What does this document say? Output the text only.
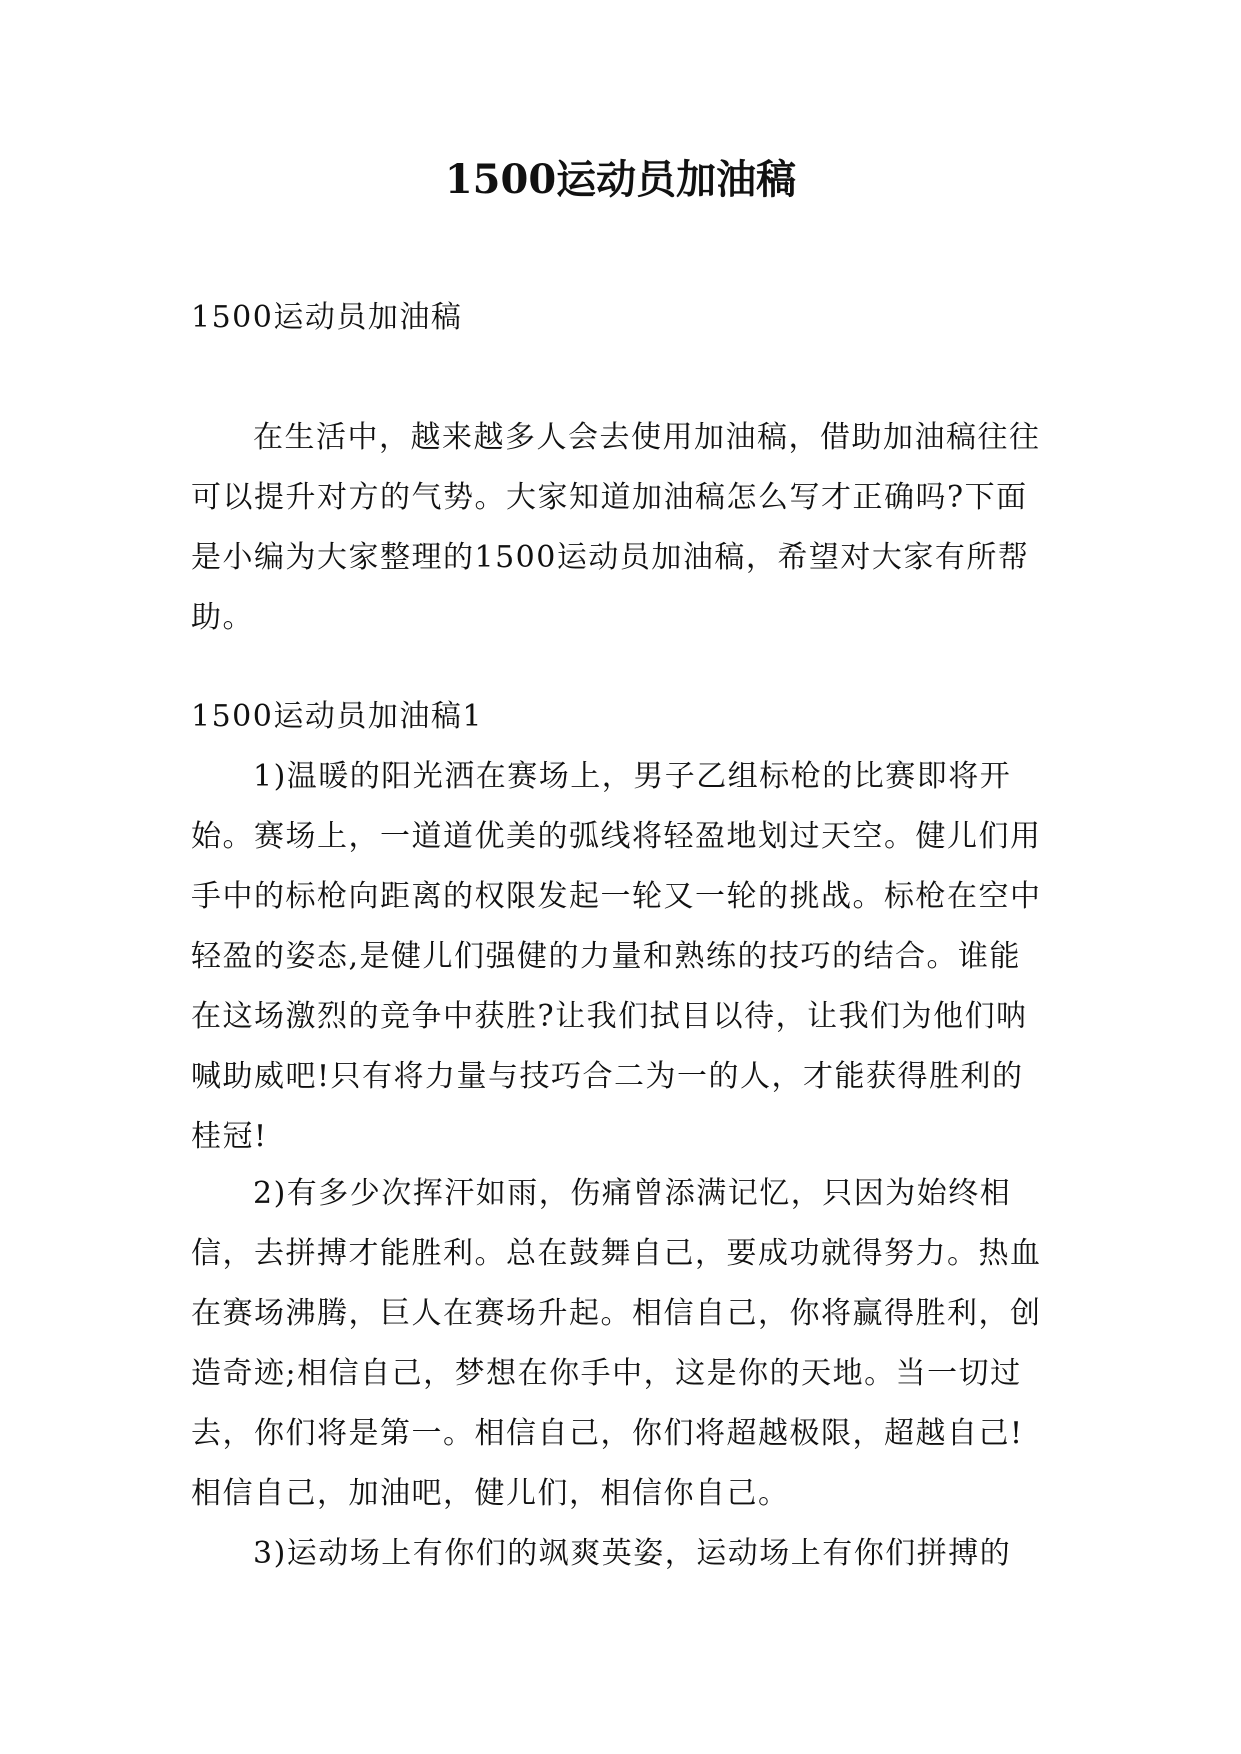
1500运动员加油稿

1500运动员加油稿

在生活中，越来越多人会去使用加油稿，借助加油稿往往可以提升对方的气势。大家知道加油稿怎么写才正确吗?下面是小编为大家整理的1500运动员加油稿，希望对大家有所帮助。

1500运动员加油稿1

1)温暖的阳光洒在赛场上，男子乙组标枪的比赛即将开始。赛场上，一道道优美的弧线将轻盈地划过天空。健儿们用手中的标枪向距离的权限发起一轮又一轮的挑战。标枪在空中轻盈的姿态,是健儿们强健的力量和熟练的技巧的结合。谁能在这场激烈的竞争中获胜?让我们拭目以待，让我们为他们呐喊助威吧!只有将力量与技巧合二为一的人，才能获得胜利的桂冠!

2)有多少次挥汗如雨，伤痛曾添满记忆，只因为始终相信，去拼搏才能胜利。总在鼓舞自己，要成功就得努力。热血在赛场沸腾，巨人在赛场升起。相信自己，你将赢得胜利，创造奇迹;相信自己，梦想在你手中，这是你的天地。当一切过去，你们将是第一。相信自己，你们将超越极限，超越自己!相信自己，加油吧，健儿们，相信你自己。

3)运动场上有你们的飒爽英姿，运动场上有你们拼搏的
